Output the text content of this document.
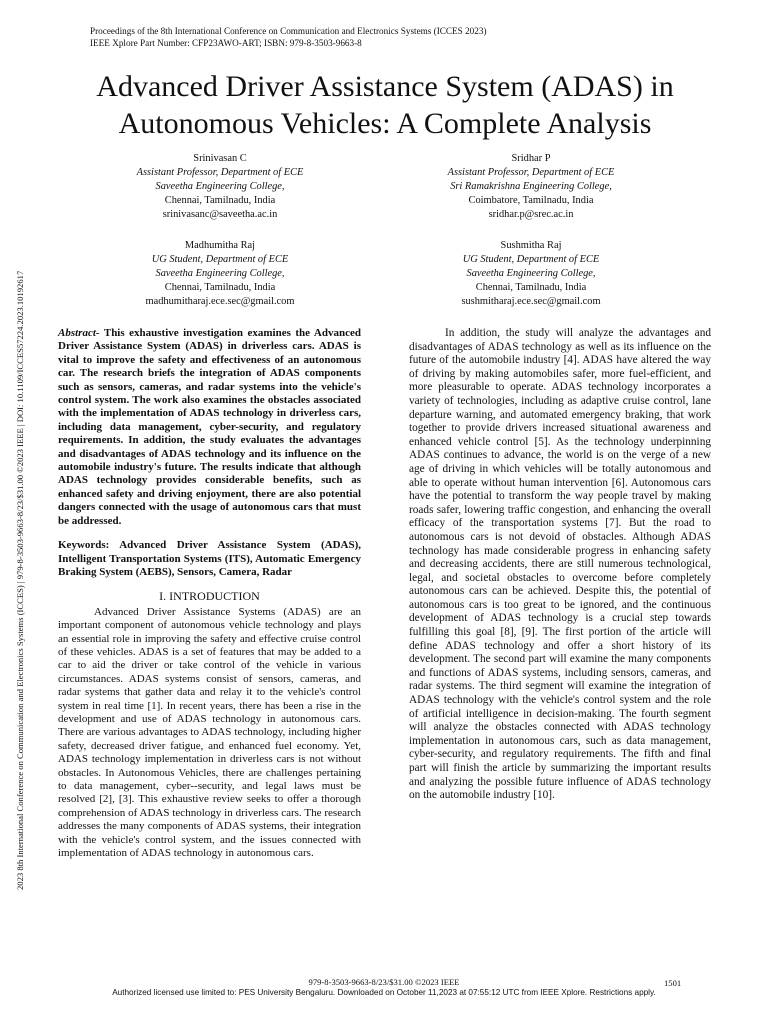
Proceedings of the 8th International Conference on Communication and Electronics Systems (ICCES 2023)
IEEE Xplore Part Number: CFP23AWO-ART; ISBN: 979-8-3503-9663-8
2023 8th International Conference on Communication and Electronics Systems (ICCES) | 979-8-3503-9663-8/23/$31.00 ©2023 IEEE | DOI: 10.1109/ICCES57224.2023.10192617
Advanced Driver Assistance System (ADAS) in
Autonomous Vehicles: A Complete Analysis
Srinivasan C
Assistant Professor, Department of ECE
Saveetha Engineering College,
Chennai, Tamilnadu, India
srinivasanc@saveetha.ac.in
Sridhar P
Assistant Professor, Department of ECE
Sri Ramakrishna Engineering College,
Coimbatore, Tamilnadu, India
sridhar.p@srec.ac.in
Madhumitha Raj
UG Student, Department of ECE
Saveetha Engineering College,
Chennai, Tamilnadu, India
madhumitharaj.ece.sec@gmail.com
Sushmitha Raj
UG Student, Department of ECE
Saveetha Engineering College,
Chennai, Tamilnadu, India
sushmitharaj.ece.sec@gmail.com

Abstract- This exhaustive investigation examines the Advanced Driver Assistance System (ADAS) in driverless cars. ADAS is vital to improve the safety and effectiveness of an autonomous car. The research briefs the integration of ADAS components such as sensors, cameras, and radar systems into the vehicle's control system. The work also examines the obstacles associated with the implementation of ADAS technology in driverless cars, including data management, cyber-security, and regulatory requirements. In addition, the study evaluates the advantages and disadvantages of ADAS technology and its influence on the automobile industry's future. The results indicate that although ADAS technology provides considerable benefits, such as enhanced safety and driving enjoyment, there are also potential dangers connected with the usage of autonomous cars that must be addressed.

Keywords: Advanced Driver Assistance System (ADAS), Intelligent Transportation Systems (ITS), Automatic Emergency Braking System (AEBS), Sensors, Camera, Radar

I. INTRODUCTION

Advanced Driver Assistance Systems (ADAS) are an important component of autonomous vehicle technology and plays an essential role in improving the safety and effective cruise control of these vehicles. ADAS is a set of features that may be added to a car to aid the driver or take control of the vehicle in various circumstances. ADAS systems consist of sensors, cameras, and radar systems that gather data and relay it to the vehicle's control system in real time [1]. In recent years, there has been a rise in the development and use of ADAS technology in autonomous cars. There are various advantages to ADAS technology, including higher safety, decreased driver fatigue, and enhanced fuel economy. Yet, ADAS technology implementation in driverless cars is not without obstacles. In Autonomous Vehicles, there are challenges pertaining to data management, cyber--security, and legal laws must be resolved [2], [3]. This exhaustive review seeks to offer a thorough comprehension of ADAS technology in driverless cars. The research addresses the many components of ADAS systems, their integration with the vehicle's control system, and the issues connected with implementation of ADAS technology in autonomous cars.

In addition, the study will analyze the advantages and disadvantages of ADAS technology as well as its influence on the future of the automobile industry [4]. ADAS have altered the way of driving by making automobiles safer, more fuel-efficient, and more pleasurable to operate. ADAS technology incorporates a variety of technologies, including as adaptive cruise control, lane departure warning, and automated emergency braking, that work together to provide drivers increased situational awareness and enhanced vehicle control [5]. As the technology underpinning ADAS continues to advance, the world is on the verge of a new age of driving in which vehicles will be totally autonomous and able to operate without human intervention [6]. Autonomous cars have the potential to transform the way people travel by making roads safer, lowering traffic congestion, and enhancing the overall efficacy of the transportation systems [7]. But the road to autonomous cars is not devoid of obstacles. Although ADAS technology has made considerable progress in enhancing safety and decreasing accidents, there are still numerous technological, legal, and societal obstacles to overcome before completely autonomous cars can be achieved. Despite this, the potential of autonomous cars is too great to be ignored, and the continuous development of ADAS technology is a crucial step towards fulfilling this goal [8], [9]. The first portion of the article will define ADAS technology and offer a short history of its development. The second part will examine the many components and functions of ADAS systems, including sensors, cameras, and radar systems. The third segment will examine the integration of ADAS technology with the vehicle's control system and the role of artificial intelligence in decision-making. The fourth segment will analyze the obstacles connected with ADAS technology implementation in autonomous cars, such as data management, cyber-security, and regulatory requirements. The fifth and final part will finish the article by summarizing the important results and analyzing the possible future influence of ADAS technology on the automobile industry [10].

979-8-3503-9663-8/23/$31.00 ©2023 IEEE	1501
Authorized licensed use limited to: PES University Bengaluru. Downloaded on October 11,2023 at 07:55:12 UTC from IEEE Xplore. Restrictions apply.
